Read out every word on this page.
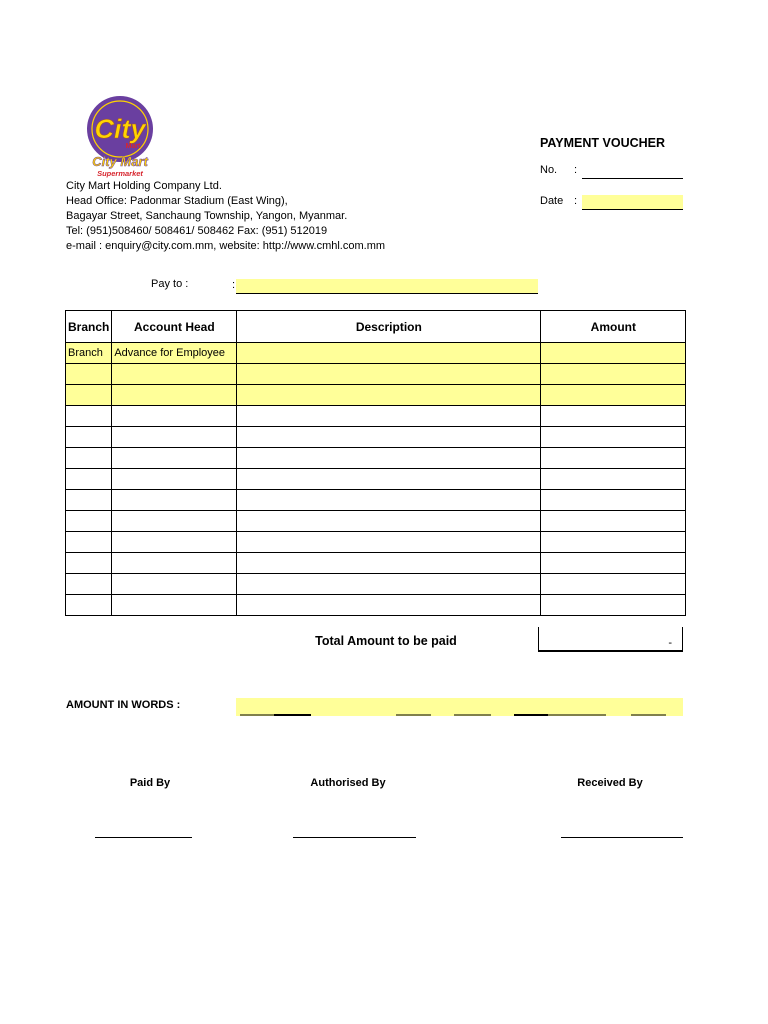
City
Mart
City Mart
Supermarket
City Mart Holding Company Ltd.
Head Office: Padonmar Stadium (East Wing),
Bagayar Street, Sanchaung Township, Yangon, Myanmar.
Tel: (951)508460/ 508461/ 508462 Fax: (951) 512019
e-mail : enquiry@city.com.mm, website: http://www.cmhl.com.mm
PAYMENT VOUCHER
No. :
Date :
Pay to :	:
Branch	Account Head	Description	Amount
Branch	Advance for Employee		

Total Amount to be paid	-
AMOUNT IN WORDS :
Paid By	Authorised By	Received By
